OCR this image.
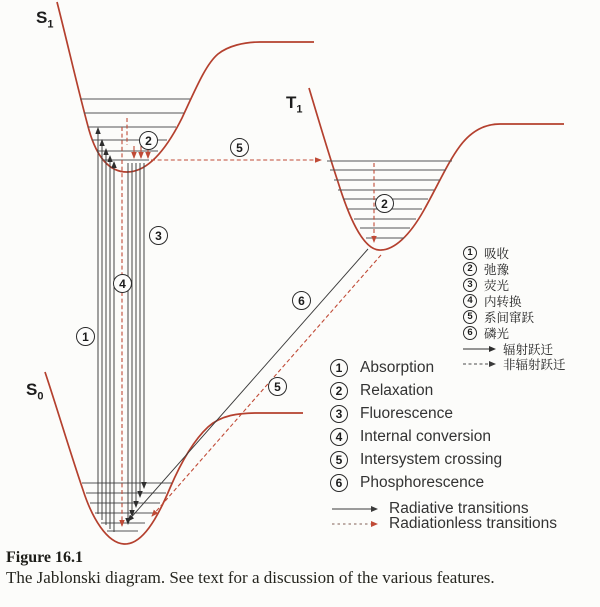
$S_1$
$T_1$
$S_0$
1
2	5
3
4
6
5
2
1 吸收
2 弛豫
3 荧光
4 内转换
5 系间窜跃
6 磷光
辐射跃迁
非辐射跃迁
1	Absorption
2	Relaxation
3	Fluorescence
4	Internal conversion
5	Intersystem crossing
6	Phosphorescence
Radiative transitions
Radiationless transitions
Figure 16.1
The Jablonski diagram. See text for a discussion of the various features.
